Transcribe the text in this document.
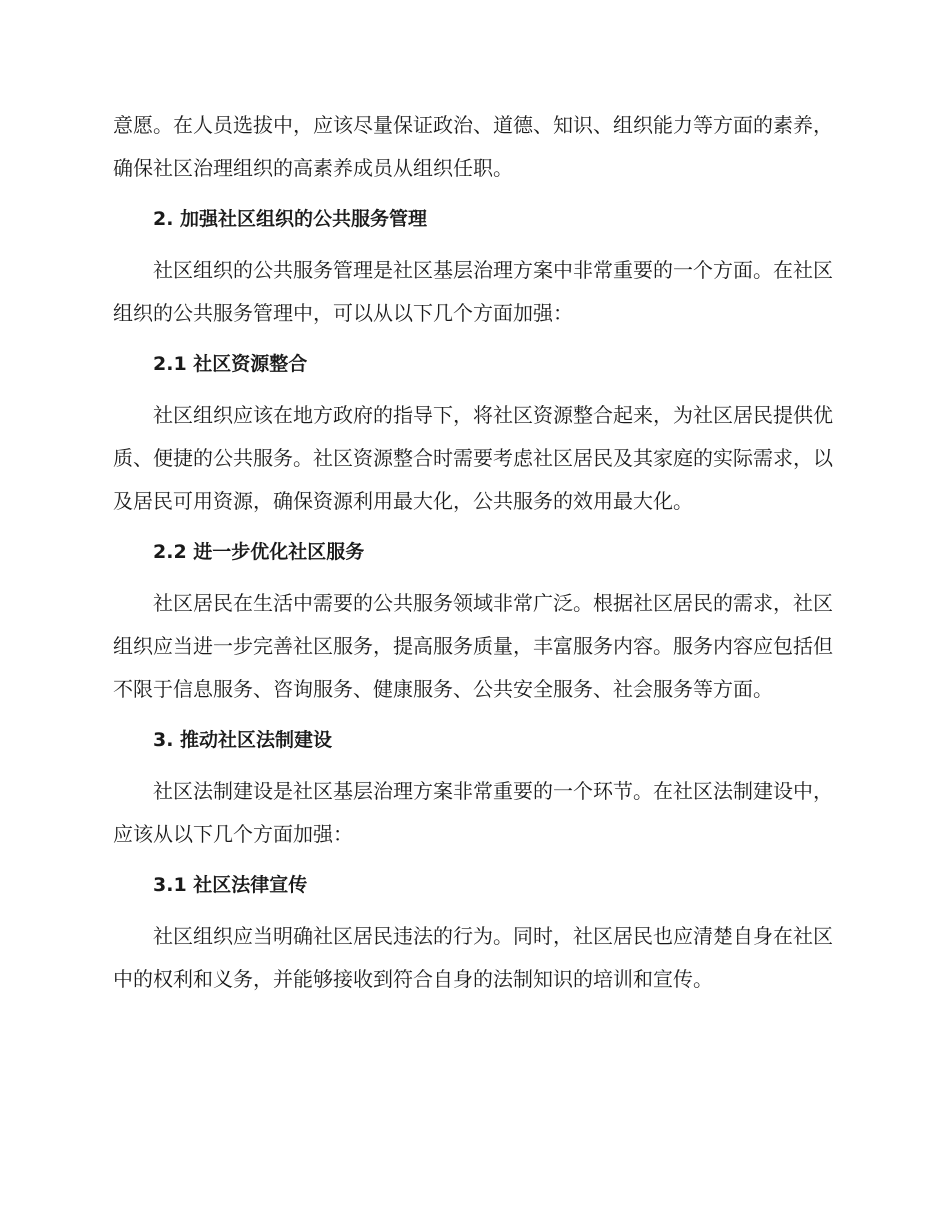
意愿。在人员选拔中，应该尽量保证政治、道德、知识、组织能力等方面的素养，确保社区治理组织的高素养成员从组织任职。

2. 加强社区组织的公共服务管理

社区组织的公共服务管理是社区基层治理方案中非常重要的一个方面。在社区组织的公共服务管理中，可以从以下几个方面加强：

2.1 社区资源整合

社区组织应该在地方政府的指导下，将社区资源整合起来，为社区居民提供优质、便捷的公共服务。社区资源整合时需要考虑社区居民及其家庭的实际需求，以及居民可用资源，确保资源利用最大化，公共服务的效用最大化。

2.2 进一步优化社区服务

社区居民在生活中需要的公共服务领域非常广泛。根据社区居民的需求，社区组织应当进一步完善社区服务，提高服务质量，丰富服务内容。服务内容应包括但不限于信息服务、咨询服务、健康服务、公共安全服务、社会服务等方面。

3. 推动社区法制建设

社区法制建设是社区基层治理方案非常重要的一个环节。在社区法制建设中，应该从以下几个方面加强：

3.1 社区法律宣传

社区组织应当明确社区居民违法的行为。同时，社区居民也应清楚自身在社区中的权利和义务，并能够接收到符合自身的法制知识的培训和宣传。
